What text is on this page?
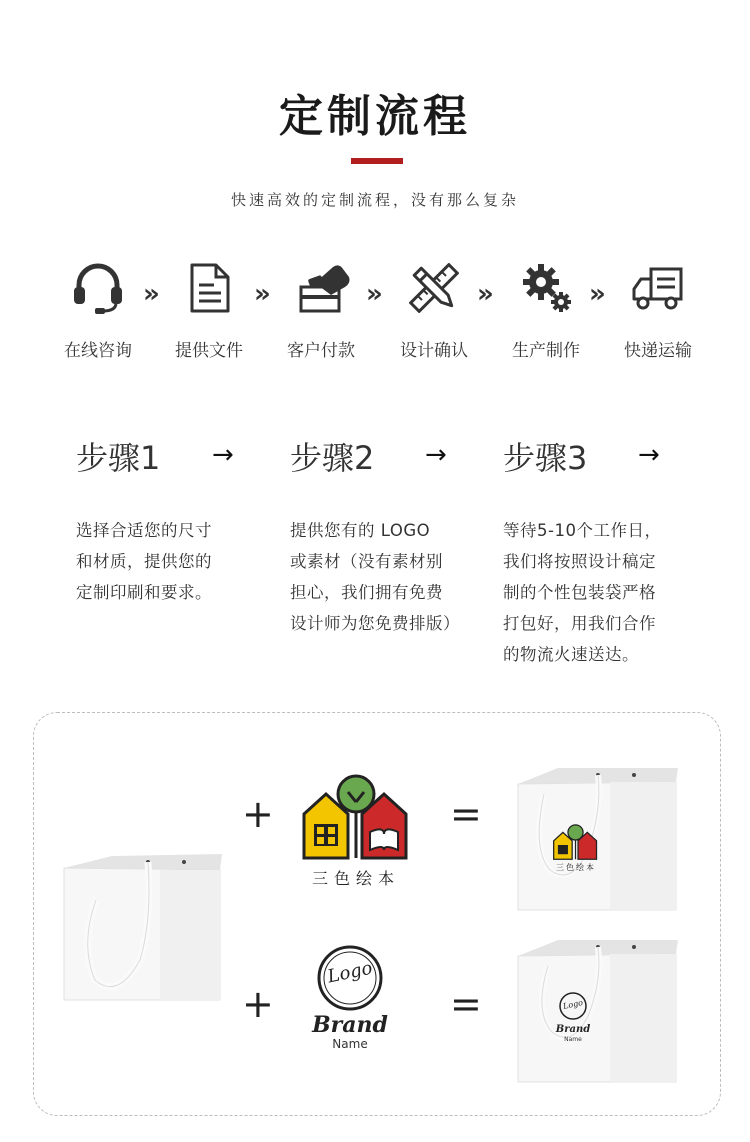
定制流程
快速高效的定制流程，没有那么复杂
»	»	»	»	»
在线咨询	提供文件	客户付款	设计确认	生产制作	快递运输
步骤1 → 步骤2 → 步骤3 →
选择合适您的尺寸
和材质，提供您的
定制印刷和要求。
提供您有的 LOGO
或素材（没有素材别
担心，我们拥有免费
设计师为您免费排版）
等待5-10个工作日，
我们将按照设计稿定
制的个性包装袋严格
打包好，用我们合作
的物流火速送达。
+
+
=
=
三色绘本
Logo
Brand
Name
三色绘本
Logo
Brand
Name
